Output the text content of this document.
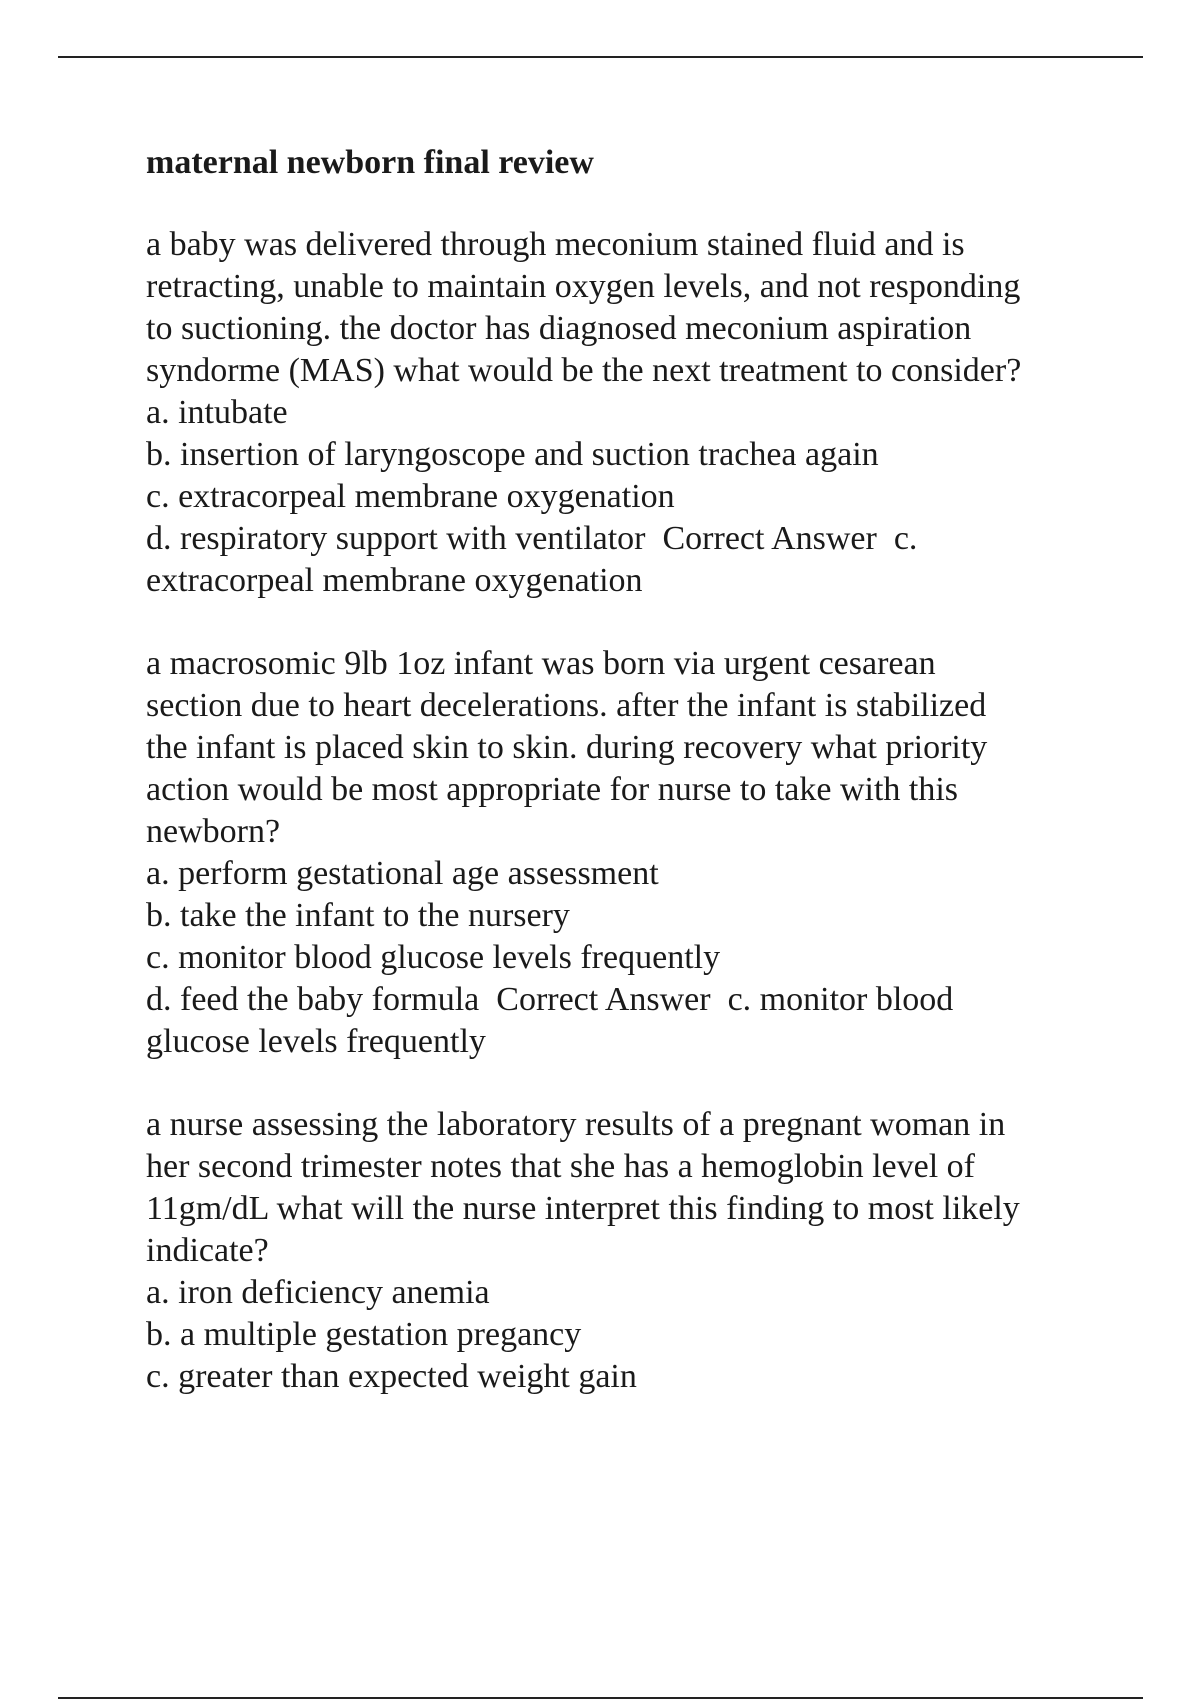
maternal newborn final review
a baby was delivered through meconium stained fluid and is
retracting, unable to maintain oxygen levels, and not responding
to suctioning. the doctor has diagnosed meconium aspiration
syndorme (MAS) what would be the next treatment to consider?
a. intubate
b. insertion of laryngoscope and suction trachea again
c. extracorpeal membrane oxygenation
d. respiratory support with ventilator  Correct Answer  c.
extracorpeal membrane oxygenation
a macrosomic 9lb 1oz infant was born via urgent cesarean
section due to heart decelerations. after the infant is stabilized
the infant is placed skin to skin. during recovery what priority
action would be most appropriate for nurse to take with this
newborn?
a. perform gestational age assessment
b. take the infant to the nursery
c. monitor blood glucose levels frequently
d. feed the baby formula  Correct Answer  c. monitor blood
glucose levels frequently
a nurse assessing the laboratory results of a pregnant woman in
her second trimester notes that she has a hemoglobin level of
11gm/dL what will the nurse interpret this finding to most likely
indicate?
a. iron deficiency anemia
b. a multiple gestation pregancy
c. greater than expected weight gain
